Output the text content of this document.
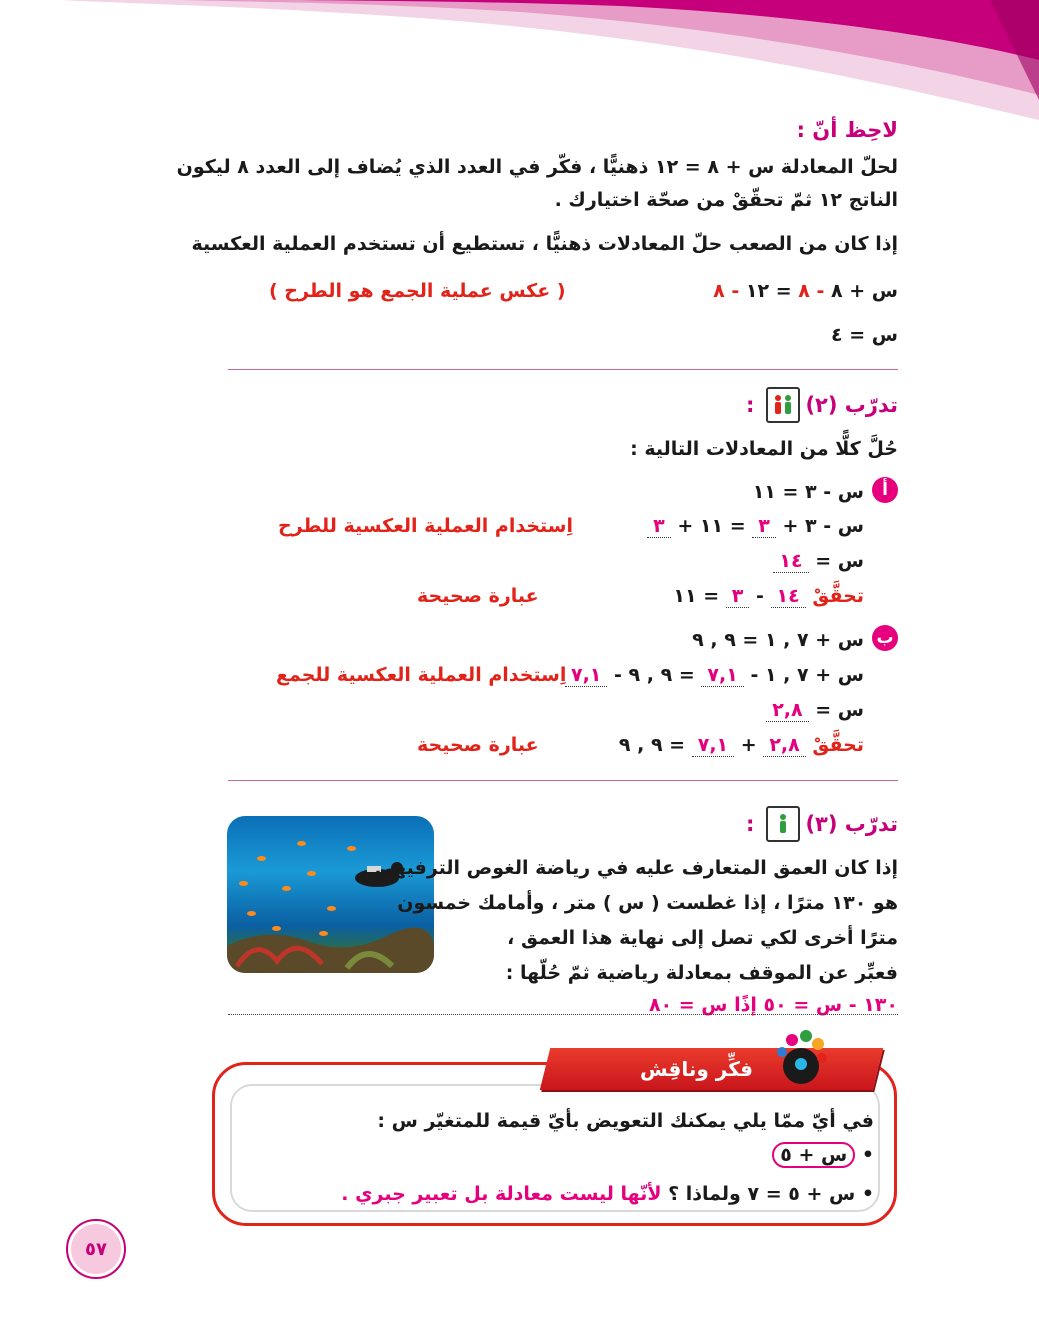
لاحِظ أنّ :
لحلّ المعادلة س + ٨ = ١٢ ذهنيًّا ، فكّر في العدد الذي يُضاف إلى العدد ٨ ليكون
الناتج ١٢ ثمّ تحقّقْ من صحّة اختيارك .
إذا كان من الصعب حلّ المعادلات ذهنيًّا ، تستطيع أن تستخدم العملية العكسية
س + ٨ - ٨ = ١٢ - ٨
( عكس عملية الجمع هو الطرح )
س = ٤
تدرّب (٢)
:
حُلَّ كلًّا من المعادلات التالية :
أ
س - ٣ = ١١
س - ٣ + ٣ = ١١ + ٣
اِستخدام العملية العكسية للطرح
س = ١٤
تحقَّقْ ١٤ - ٣ = ١١
عبارة صحيحة
ب
س + ٧ , ١ = ٩ , ٩
س + ٧ , ١ - ٧,١ = ٩ , ٩ - ٧,١
اِستخدام العملية العكسية للجمع
س = ٢,٨
تحقَّقْ ٢,٨ + ٧,١ = ٩ , ٩
عبارة صحيحة
تدرّب (٣)
:
إذا كان العمق المتعارف عليه في رياضة الغوص الترفيهي
هو ١٣٠ مترًا ، إذا غطست ( س ) متر ، وأمامك خمسون
مترًا أخرى لكي تصل إلى نهاية هذا العمق ،
فعبِّر عن الموقف بمعادلة رياضية ثمّ حُلّها :
١٣٠ - س = ٥٠ إذًا س = ٨٠
فكِّر وناقِش
في أيّ ممّا يلي يمكنك التعويض بأيّ قيمة للمتغيّر س :
• س + ٥
• س + ٥ = ٧ ولماذا ؟ لأنّها ليست معادلة بل تعبير جبري .
٥٧
